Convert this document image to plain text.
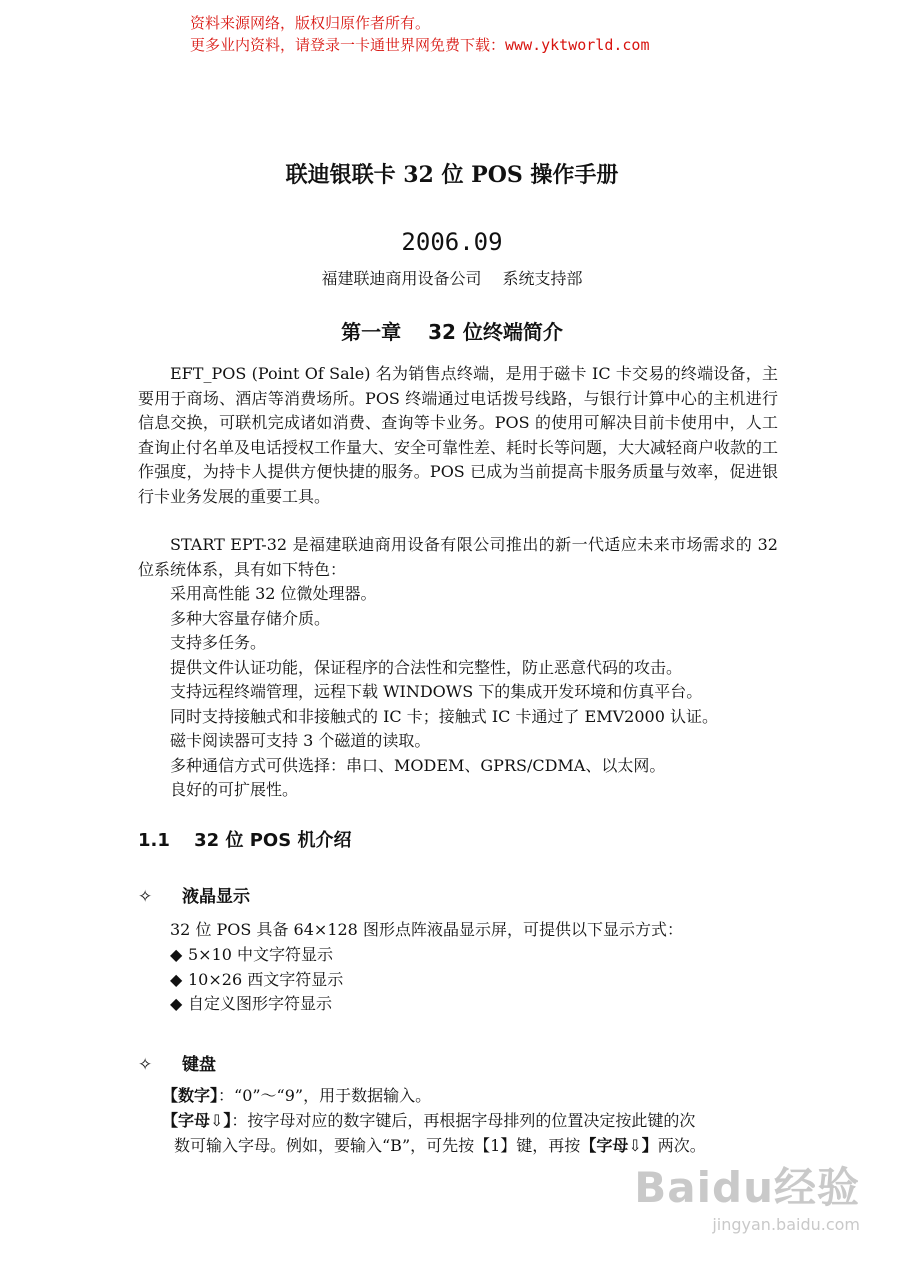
资料来源网络，版权归原作者所有。
更多业内资料，请登录一卡通世界网免费下载：www.yktworld.com
联迪银联卡 32 位 POS 操作手册
2006.09
福建联迪商用设备公司　 系统支持部
第一章　 32 位终端简介

EFT_POS (Point Of Sale) 名为销售点终端，是用于磁卡 IC 卡交易的终端设备，主要用于商场、酒店等消费场所。POS 终端通过电话拨号线路，与银行计算中心的主机进行信息交换，可联机完成诸如消费、查询等卡业务。POS 的使用可解决目前卡使用中，人工查询止付名单及电话授权工作量大、安全可靠性差、耗时长等问题，大大减轻商户收款的工作强度，为持卡人提供方便快捷的服务。POS 已成为当前提高卡服务质量与效率，促进银行卡业务发展的重要工具。

START EPT-32 是福建联迪商用设备有限公司推出的新一代适应未来市场需求的 32 位系统体系，具有如下特色：

采用高性能 32 位微处理器。
多种大容量存储介质。
支持多任务。
提供文件认证功能，保证程序的合法性和完整性，防止恶意代码的攻击。
支持远程终端管理，远程下载 WINDOWS 下的集成开发环境和仿真平台。
同时支持接触式和非接触式的 IC 卡；接触式 IC 卡通过了 EMV2000 认证。
磁卡阅读器可支持 3 个磁道的读取。
多种通信方式可供选择：串口、MODEM、GPRS/CDMA、以太网。
良好的可扩展性。
1.1　 32 位 POS 机介绍
✧ 液晶显示
32 位 POS 具备 64×128 图形点阵液晶显示屏，可提供以下显示方式：
◆ 5×10 中文字符显示
◆ 10×26 西文字符显示
◆ 自定义图形字符显示
✧ 键盘
【数字】：“0”～“9”，用于数据输入。
【字母⇩】：按字母对应的数字键后，再根据字母排列的位置决定按此键的次
数可输入字母。例如，要输入“B”，可先按【1】键，再按【字母⇩】两次。
Baidu经验
jingyan.baidu.com
